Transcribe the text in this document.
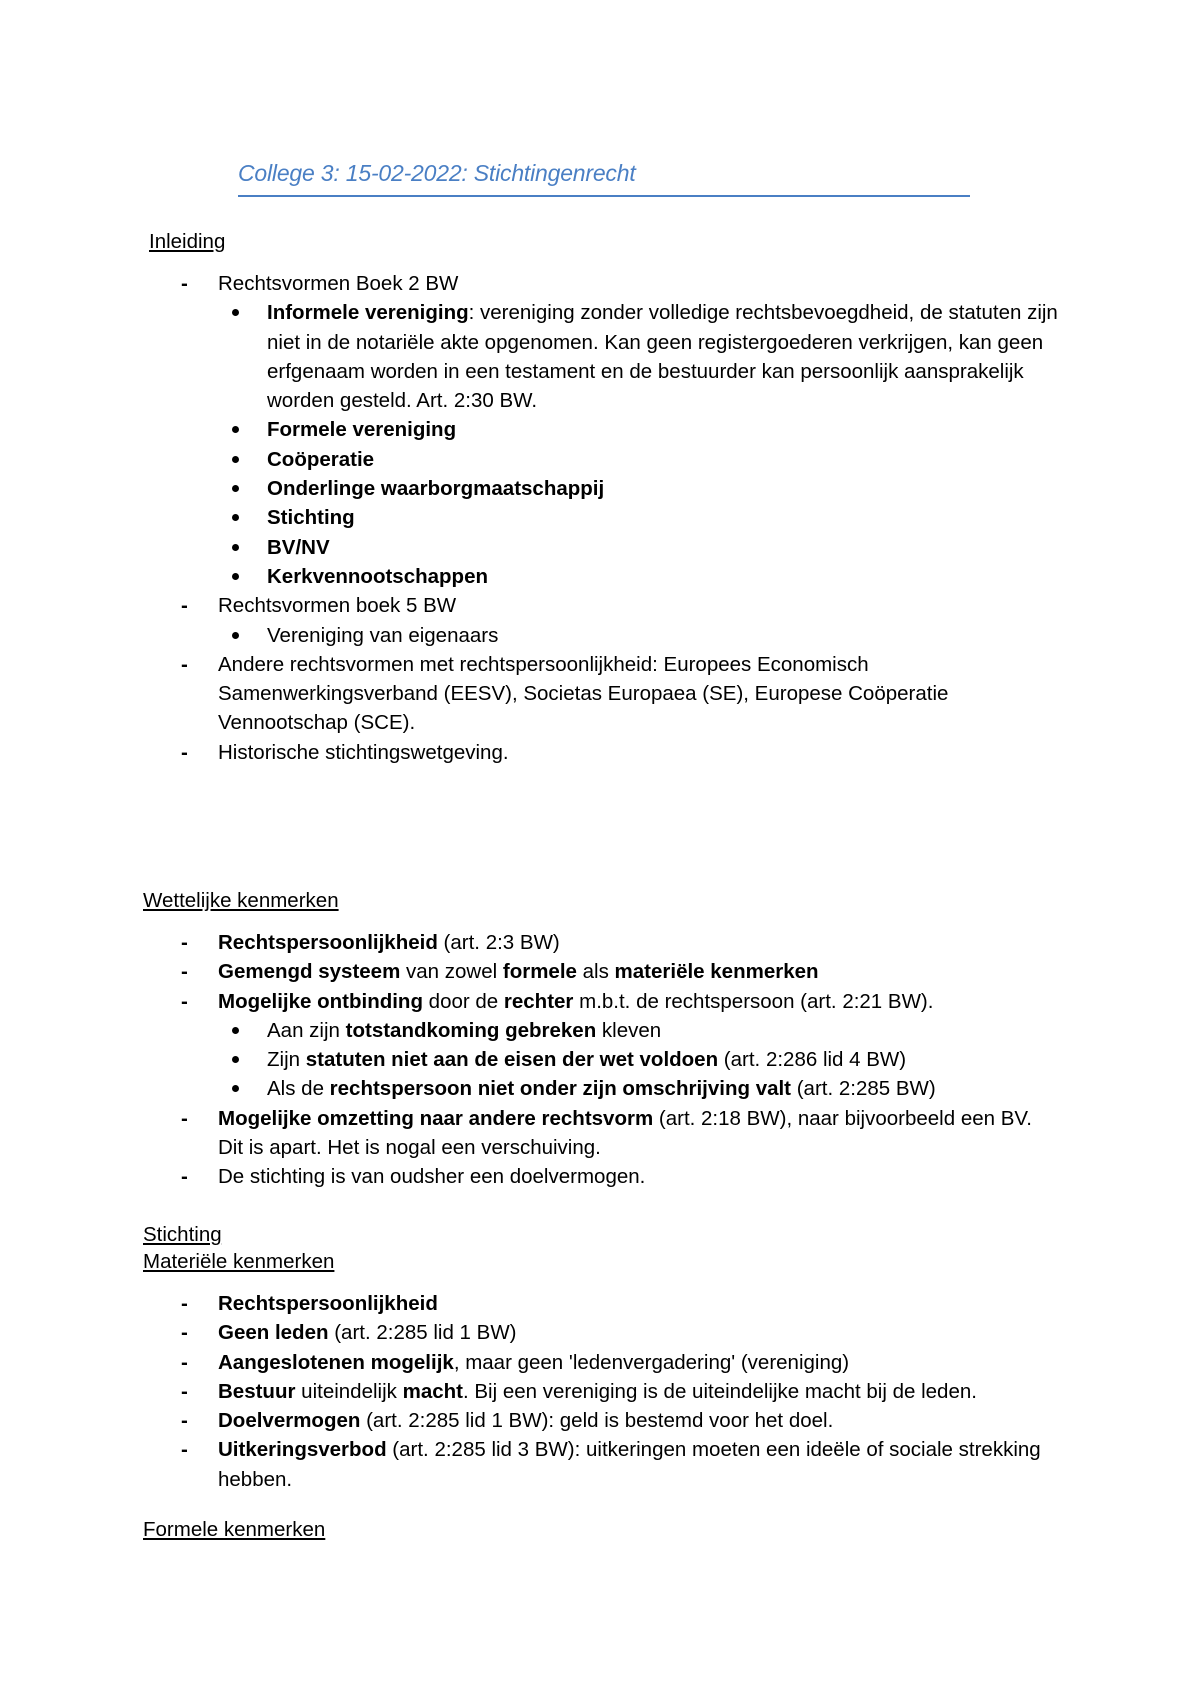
College 3: 15-02-2022: Stichtingenrecht

Inleiding

- Rechtsvormen Boek 2 BW
Informele vereniging: vereniging zonder volledige rechtsbevoegdheid, de statuten zijn niet in de notariële akte opgenomen. Kan geen registergoederen verkrijgen, kan geen erfgenaam worden in een testament en de bestuurder kan persoonlijk aansprakelijk worden gesteld. Art. 2:30 BW.
Formele vereniging
Coöperatie
Onderlinge waarborgmaatschappij
Stichting
BV/NV
Kerkvennootschappen
- Rechtsvormen boek 5 BW
Vereniging van eigenaars
- Andere rechtsvormen met rechtspersoonlijkheid: Europees Economisch Samenwerkingsverband (EESV), Societas Europaea (SE), Europese Coöperatie Vennootschap (SCE).
- Historische stichtingswetgeving.

Wettelijke kenmerken

- Rechtspersoonlijkheid (art. 2:3 BW)
- Gemengd systeem van zowel formele als materiële kenmerken
- Mogelijke ontbinding door de rechter m.b.t. de rechtspersoon (art. 2:21 BW).
Aan zijn totstandkoming gebreken kleven
Zijn statuten niet aan de eisen der wet voldoen (art. 2:286 lid 4 BW)
Als de rechtspersoon niet onder zijn omschrijving valt (art. 2:285 BW)
- Mogelijke omzetting naar andere rechtsvorm (art. 2:18 BW), naar bijvoorbeeld een BV. Dit is apart. Het is nogal een verschuiving.
- De stichting is van oudsher een doelvermogen.

Stichting

Materiële kenmerken

- Rechtspersoonlijkheid
- Geen leden (art. 2:285 lid 1 BW)
- Aangeslotenen mogelijk, maar geen 'ledenvergadering' (vereniging)
- Bestuur uiteindelijk macht. Bij een vereniging is de uiteindelijke macht bij de leden.
- Doelvermogen (art. 2:285 lid 1 BW): geld is bestemd voor het doel.
- Uitkeringsverbod (art. 2:285 lid 3 BW): uitkeringen moeten een ideële of sociale strekking hebben.

Formele kenmerken
